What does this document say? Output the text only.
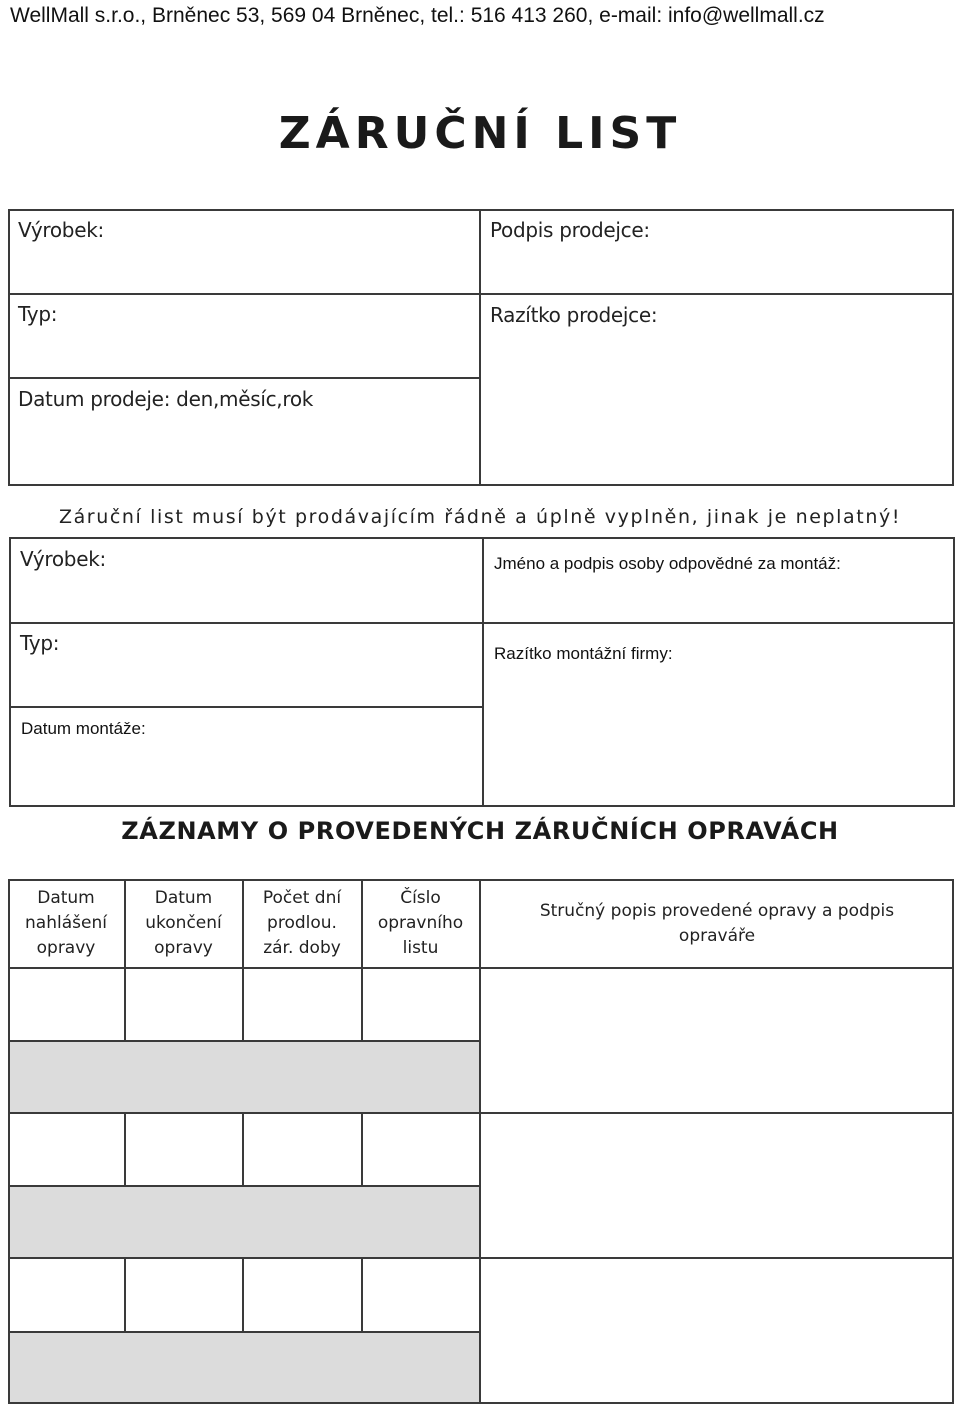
WellMall s.r.o., Brněnec 53, 569 04 Brněnec, tel.: 516 413 260, e-mail: info@wellmall.cz
ZÁRUČNÍ LIST
Výrobek:
Typ:
Datum prodeje: den,měsíc,rok
Podpis prodejce:
Razítko prodejce:
Záruční list musí být prodávajícím řádně a úplně vyplněn, jinak je neplatný!
Výrobek:
Typ:
Datum montáže:
Jméno a podpis osoby odpovědné za montáž:
Razítko montážní firmy:
ZÁZNAMY O PROVEDENÝCH ZÁRUČNÍCH OPRAVÁCH
Datum
nahlášení
opravy
Datum
ukončení
opravy
Počet dní
prodlou.
zár. doby
Číslo
opravního
listu
Stručný popis provedené opravy a podpis
opraváře
